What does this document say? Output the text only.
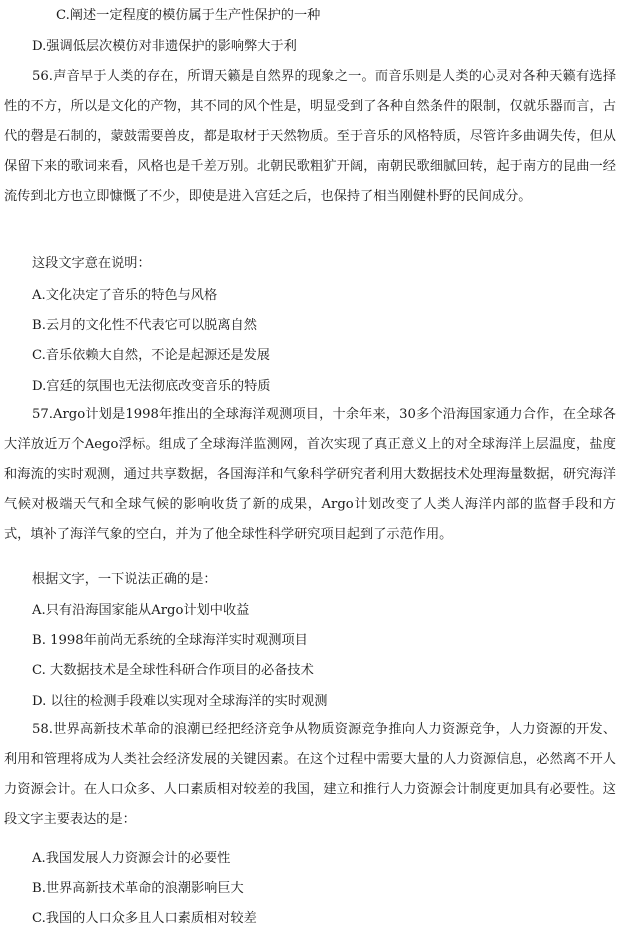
C.阐述一定程度的模仿属于生产性保护的一种
D.强调低层次模仿对非遗保护的影响弊大于利
56.声音早于人类的存在，所谓天籁是自然界的现象之一。而音乐则是人类的心灵对各种天籁有选择性的不方，所以是文化的产物，其不同的风个性是，明显受到了各种自然条件的限制，仅就乐器而言，古代的磬是石制的，蒙鼓需要兽皮，都是取材于天然物质。至于音乐的风格特质，尽管许多曲调失传，但从保留下来的歌词来看，风格也是千差万别。北朝民歌粗犷开阔，南朝民歌细腻回转，起于南方的昆曲一经流传到北方也立即慷慨了不少，即使是进入宫廷之后，也保持了相当刚健朴野的民间成分。
这段文字意在说明：
A.文化决定了音乐的特色与风格
B.云月的文化性不代表它可以脱离自然
C.音乐依赖大自然，不论是起源还是发展
D.宫廷的氛围也无法彻底改变音乐的特质
57.Argo计划是1998年推出的全球海洋观测项目，十余年来，30多个沿海国家通力合作，在全球各大洋放近万个Aego浮标。组成了全球海洋监测网，首次实现了真正意义上的对全球海洋上层温度，盐度和海流的实时观测，通过共享数据，各国海洋和气象科学研究者利用大数据技术处理海量数据，研究海洋气候对极端天气和全球气候的影响收货了新的成果，Argo计划改变了人类人海洋内部的监督手段和方式，填补了海洋气象的空白，并为了他全球性科学研究项目起到了示范作用。
根据文字，一下说法正确的是：
A.只有沿海国家能从Argo计划中收益
B. 1998年前尚无系统的全球海洋实时观测项目
C. 大数据技术是全球性科研合作项目的必备技术
D. 以往的检测手段难以实现对全球海洋的实时观测
58.世界高新技术革命的浪潮已经把经济竞争从物质资源竞争推向人力资源竞争，人力资源的开发、利用和管理将成为人类社会经济发展的关键因素。在这个过程中需要大量的人力资源信息，必然离不开人力资源会计。在人口众多、人口素质相对较差的我国，建立和推行人力资源会计制度更加具有必要性。这段文字主要表达的是：
A.我国发展人力资源会计的必要性
B.世界高新技术革命的浪潮影响巨大
C.我国的人口众多且人口素质相对较差
